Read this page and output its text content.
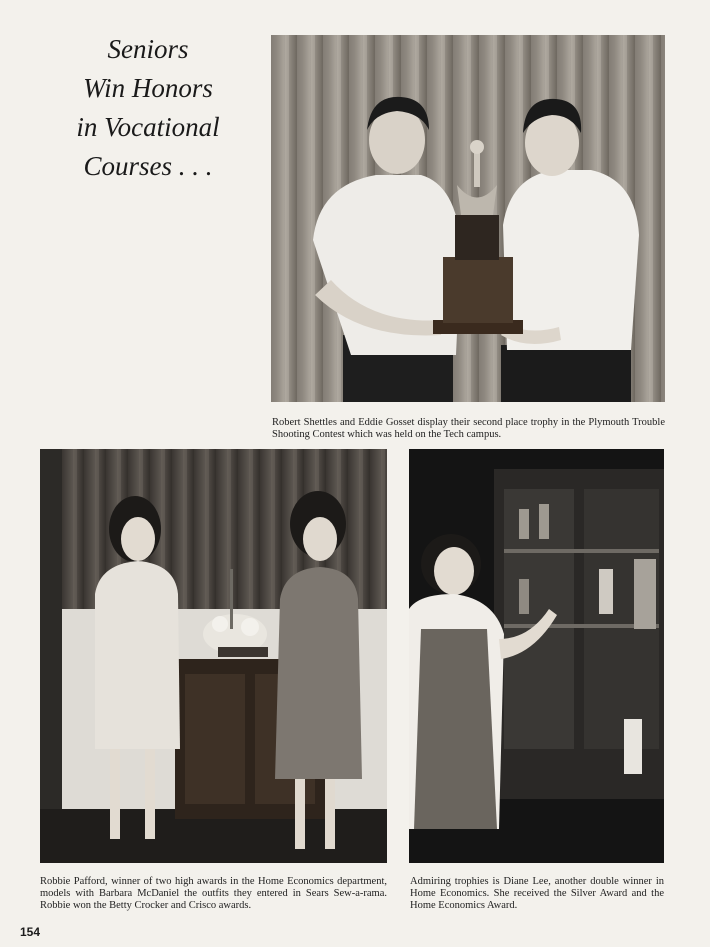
Seniors
Win Honors
in Vocational
Courses . . .
Robert Shettles and Eddie Gosset display their second place trophy in the Plymouth Trouble Shooting Contest which was held on the Tech campus.
Robbie Pafford, winner of two high awards in the Home Economics department, models with Barbara McDaniel the outfits they entered in Sears Sew-a-rama. Robbie won the Betty Crocker and Crisco awards.
Admiring trophies is Diane Lee, another double winner in Home Economics. She received the Silver Award and the Home Economics Award.
154
